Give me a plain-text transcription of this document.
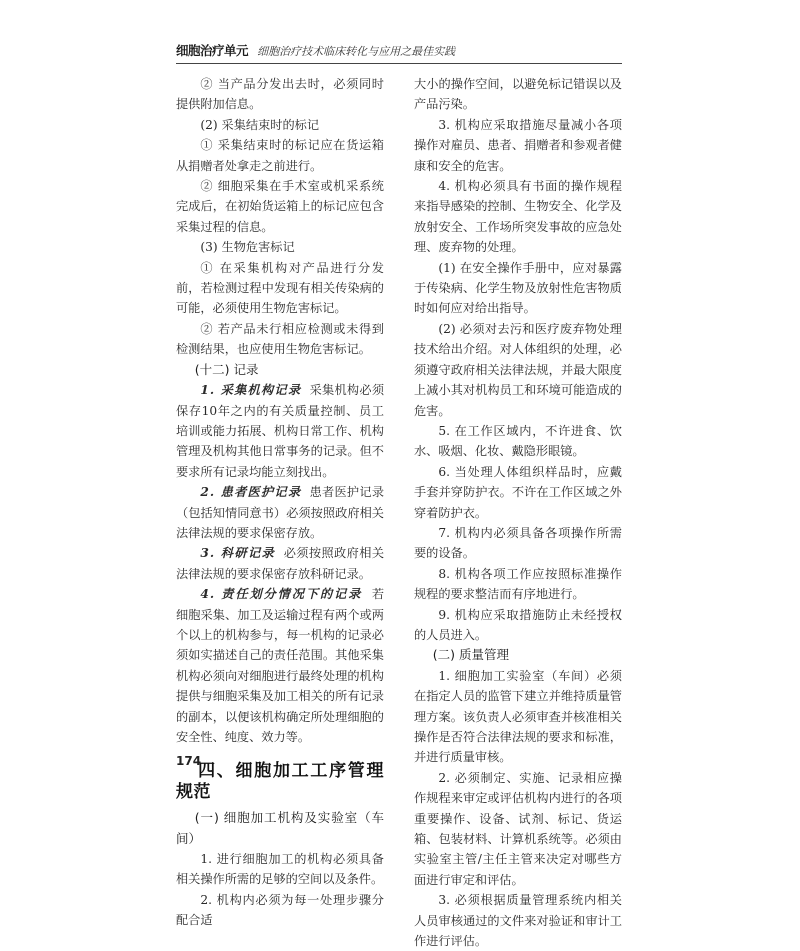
细胞治疗单元 细胞治疗技术临床转化与应用之最佳实践

② 当产品分发出去时，必须同时提供附加信息。

(2) 采集结束时的标记

① 采集结束时的标记应在货运箱从捐赠者处拿走之前进行。

② 细胞采集在手术室或机采系统完成后，在初始货运箱上的标记应包含采集过程的信息。

(3) 生物危害标记

① 在采集机构对产品进行分发前，若检测过程中发现有相关传染病的可能，必须使用生物危害标记。

② 若产品未行相应检测或未得到检测结果，也应使用生物危害标记。

(十二) 记录

1. 采集机构记录 采集机构必须保存10年之内的有关质量控制、员工培训或能力拓展、机构日常工作、机构管理及机构其他日常事务的记录。但不要求所有记录均能立刻找出。

2. 患者医护记录 患者医护记录（包括知情同意书）必须按照政府相关法律法规的要求保密存放。

3. 科研记录 必须按照政府相关法律法规的要求保密存放科研记录。

4. 责任划分情况下的记录 若细胞采集、加工及运输过程有两个或两个以上的机构参与，每一机构的记录必须如实描述自己的责任范围。其他采集机构必须向对细胞进行最终处理的机构提供与细胞采集及加工相关的所有记录的副本，以便该机构确定所处理细胞的安全性、纯度、效力等。

四、细胞加工工序管理规范

(一) 细胞加工机构及实验室（车间）

1. 进行细胞加工的机构必须具备相关操作所需的足够的空间以及条件。

2. 机构内必须为每一处理步骤分配合适

大小的操作空间，以避免标记错误以及产品污染。

3. 机构应采取措施尽量减小各项操作对雇员、患者、捐赠者和参观者健康和安全的危害。

4. 机构必须具有书面的操作规程来指导感染的控制、生物安全、化学及放射安全、工作场所突发事故的应急处理、废弃物的处理。

(1) 在安全操作手册中，应对暴露于传染病、化学生物及放射性危害物质时如何应对给出指导。

(2) 必须对去污和医疗废弃物处理技术给出介绍。对人体组织的处理，必须遵守政府相关法律法规，并最大限度上减小其对机构员工和环境可能造成的危害。

5. 在工作区域内，不许进食、饮水、吸烟、化妆、戴隐形眼镜。

6. 当处理人体组织样品时，应戴手套并穿防护衣。不许在工作区域之外穿着防护衣。

7. 机构内必须具备各项操作所需要的设备。

8. 机构各项工作应按照标准操作规程的要求整洁而有序地进行。

9. 机构应采取措施防止未经授权的人员进入。

(二) 质量管理

1. 细胞加工实验室（车间）必须在指定人员的监管下建立并维持质量管理方案。该负责人必须审查并核准相关操作是否符合法律法规的要求和标准，并进行质量审核。

2. 必须制定、实施、记录相应操作规程来审定或评估机构内进行的各项重要操作、设备、试剂、标记、货运箱、包装材料、计算机系统等。必须由实验室主管/主任主管来决定对哪些方面进行审定和评估。

3. 必须根据质量管理系统内相关人员审核通过的文件来对验证和审计工作进行评估。

174
